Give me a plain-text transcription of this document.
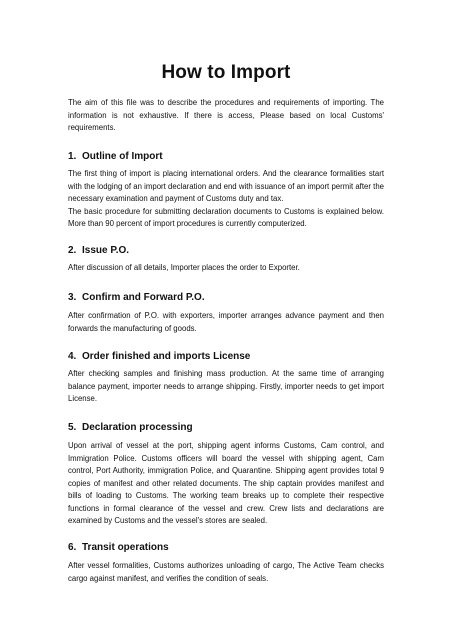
How to Import
The aim of this file was to describe the procedures and requirements of importing. The information is not exhaustive. If there is access, Please based on local Customs' requirements.
1. Outline of Import
The first thing of import is placing international orders. And the clearance formalities start with the lodging of an import declaration and end with issuance of an import permit after the necessary examination and payment of Customs duty and tax.
The basic procedure for submitting declaration documents to Customs is explained below. More than 90 percent of import procedures is currently computerized.
2. Issue P.O.
After discussion of all details, Importer places the order to Exporter.
3. Confirm and Forward P.O.
After confirmation of P.O. with exporters, importer arranges advance payment and then forwards the manufacturing of goods.
4. Order finished and imports License
After checking samples and finishing mass production. At the same time of arranging balance payment, importer needs to arrange shipping. Firstly, importer needs to get import License.
5. Declaration processing
Upon arrival of vessel at the port, shipping agent informs Customs, Cam control, and Immigration Police. Customs officers will board the vessel with shipping agent, Cam control, Port Authority, immigration Police, and Quarantine. Shipping agent provides total 9 copies of manifest and other related documents. The ship captain provides manifest and bills of loading to Customs. The working team breaks up to complete their respective functions in formal clearance of the vessel and crew. Crew lists and declarations are examined by Customs and the vessel's stores are sealed.
6. Transit operations
After vessel formalities, Customs authorizes unloading of cargo, The Active Team checks cargo against manifest, and verifies the condition of seals.
